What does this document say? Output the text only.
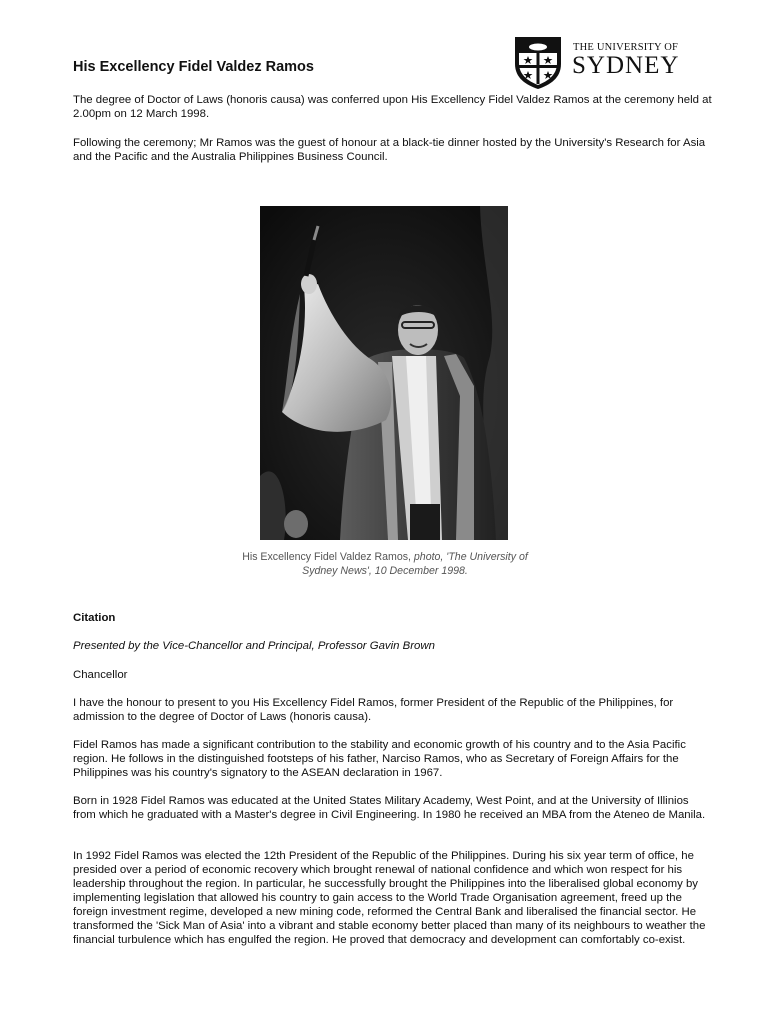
THE UNIVERSITY OF
SYDNEY
His Excellency Fidel Valdez Ramos

The degree of Doctor of Laws (honoris causa) was conferred upon His Excellency Fidel Valdez Ramos at the ceremony held at 2.00pm on 12 March 1998.

Following the ceremony; Mr Ramos was the guest of honour at a black-tie dinner hosted by the University's Research for Asia and the Pacific and the Australia Philippines Business Council.

His Excellency Fidel Valdez Ramos, photo, 'The University of Sydney News', 10 December 1998.

Citation

Presented by the Vice-Chancellor and Principal, Professor Gavin Brown

Chancellor

I have the honour to present to you His Excellency Fidel Ramos, former President of the Republic of the Philippines, for admission to the degree of Doctor of Laws (honoris causa).

Fidel Ramos has made a significant contribution to the stability and economic growth of his country and to the Asia Pacific region. He follows in the distinguished footsteps of his father, Narciso Ramos, who as Secretary of Foreign Affairs for the Philippines was his country's signatory to the ASEAN declaration in 1967.

Born in 1928 Fidel Ramos was educated at the United States Military Academy, West Point, and at the University of Illinios from which he graduated with a Master's degree in Civil Engineering. In 1980 he received an MBA from the Ateneo de Manila.

In 1992 Fidel Ramos was elected the 12th President of the Republic of the Philippines. During his six year term of office, he presided over a period of economic recovery which brought renewal of national confidence and which won respect for his leadership throughout the region. In particular, he successfully brought the Philippines into the liberalised global economy by implementing legislation that allowed his country to gain access to the World Trade Organisation agreement, freed up the foreign investment regime, developed a new mining code, reformed the Central Bank and liberalised the financial sector. He transformed the 'Sick Man of Asia' into a vibrant and stable economy better placed than many of its neighbours to weather the financial turbulence which has engulfed the region. He proved that democracy and development can comfortably co-exist.
